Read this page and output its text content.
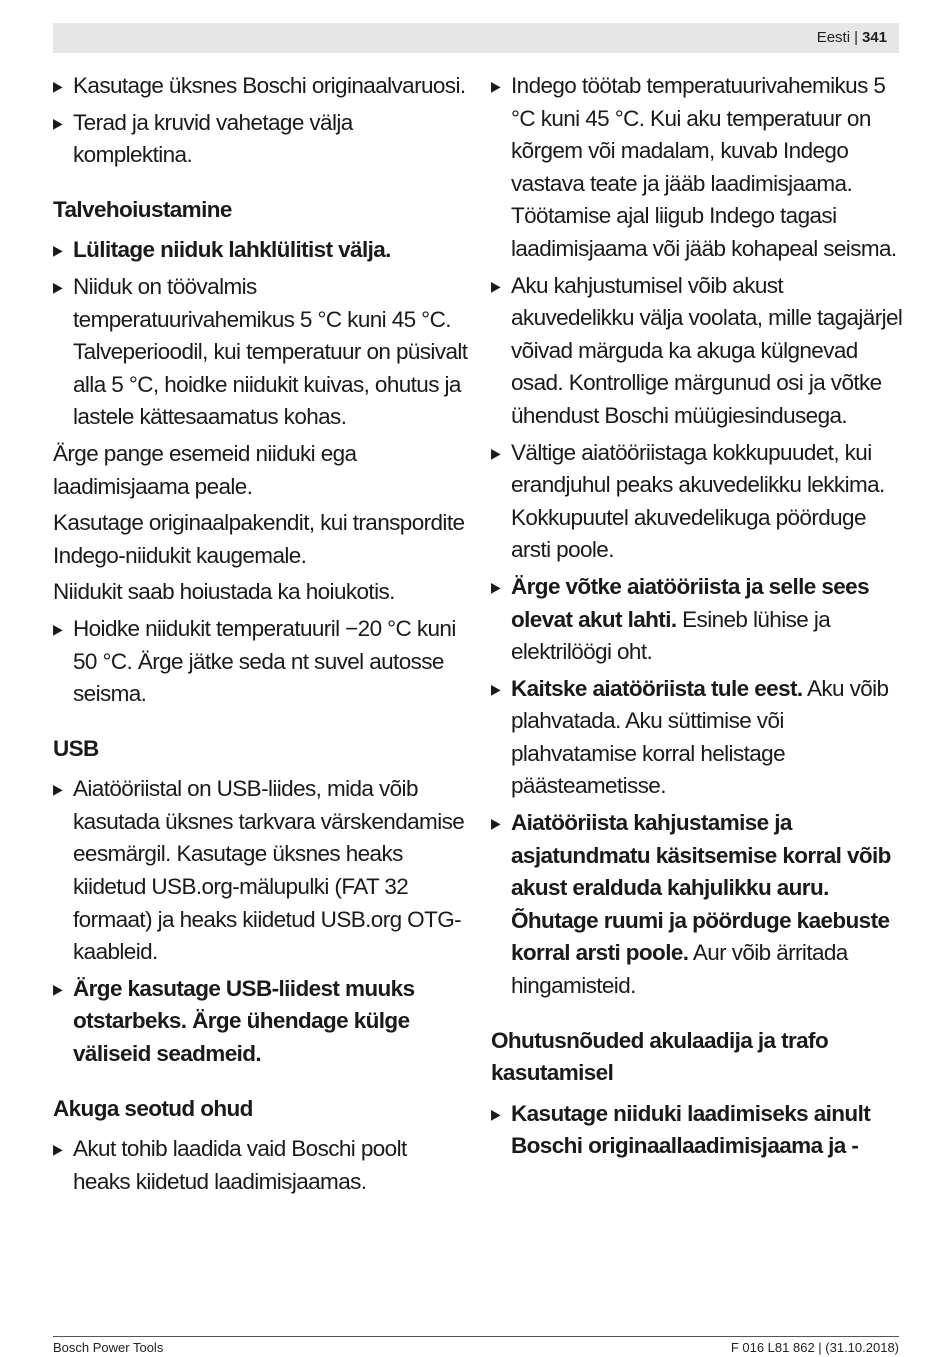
Eesti | 341
▶ Kasutage üksnes Boschi originaalvaruosi.
▶ Terad ja kruvid vahetage välja komplektina.
Talvehoiustamine
▶ Lülitage niiduk lahklülitist välja.
▶ Niiduk on töövalmis temperatuurivahemikus 5 °C kuni 45 °C. Talveperioodil, kui temperatuur on püsivalt alla 5 °C, hoidke niidukit kuivas, ohutus ja lastele kättesaamatus kohas.
Ärge pange esemeid niiduki ega laadimisjaama peale.
Kasutage originaalpakendit, kui transpordite Indego-niidukit kaugemale.
Niidukit saab hoiustada ka hoiukotis.
▶ Hoidke niidukit temperatuuril −20 °C kuni 50 °C. Ärge jätke seda nt suvel autosse seisma.
USB
▶ Aiatööriistal on USB-liides, mida võib kasutada üksnes tarkvara värskendamise eesmärgil. Kasutage üksnes heaks kiidetud USB.org-mälupulki (FAT 32 formaat) ja heaks kiidetud USB.org OTG-kaableid.
▶ Ärge kasutage USB-liidest muuks otstarbeks. Ärge ühendage külge väliseid seadmeid.
Akuga seotud ohud
▶ Akut tohib laadida vaid Boschi poolt heaks kiidetud laadimisjaamas.
▶ Indego töötab temperatuurivahemikus 5 °C kuni 45 °C. Kui aku temperatuur on kõrgem või madalam, kuvab Indego vastava teate ja jääb laadimisjaama. Töötamise ajal liigub Indego tagasi laadimisjaama või jääb kohapeal seisma.
▶ Aku kahjustumisel võib akust akuvedelikku välja voolata, mille tagajärjel võivad märguda ka akuga külgnevad osad. Kontrollige märgunud osi ja võtke ühendust Boschi müügiesindusega.
▶ Vältige aiatööriistaga kokkupuudet, kui erandjuhul peaks akuvedelikku lekkima. Kokkupuutel akuvedelikuga pöörduge arsti poole.
▶ Ärge võtke aiatööriista ja selle sees olevat akut lahti. Esineb lühise ja elektrilöögi oht.
▶ Kaitske aiatööriista tule eest. Aku võib plahvatada. Aku süttimise või plahvatamise korral helistage päästeametisse.
▶ Aiatööriista kahjustamise ja asjatundmatu käsitsemise korral võib akust eralduda kahjulikku auru. Õhutage ruumi ja pöörduge kaebuste korral arsti poole. Aur võib ärritada hingamisteid.
Ohutusnõuded akulaadija ja trafo kasutamisel
▶ Kasutage niiduki laadimiseks ainult Boschi originaallaadimisjaama ja -
Bosch Power Tools	F 016 L81 862 | (31.10.2018)
